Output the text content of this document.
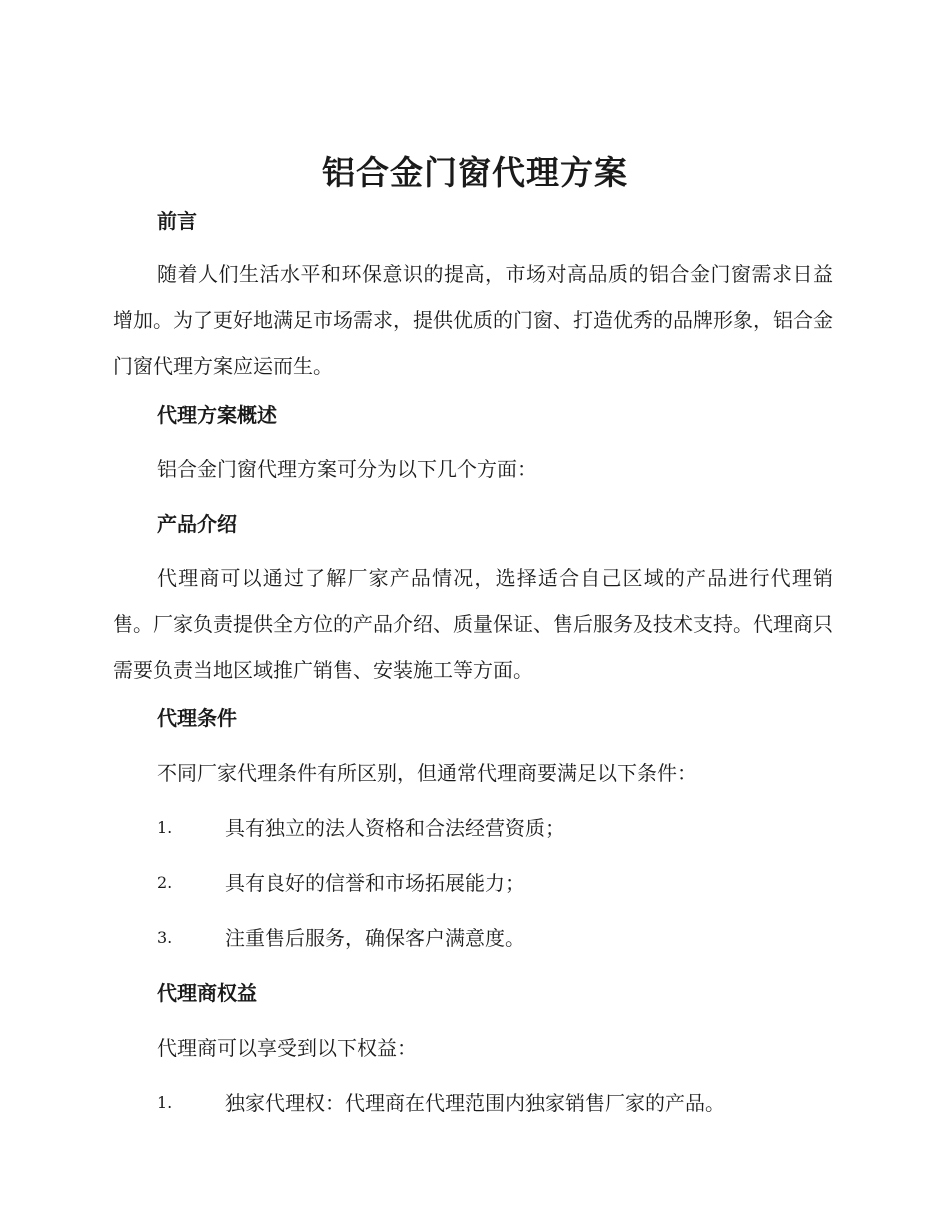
铝合金门窗代理方案
前言

随着人们生活水平和环保意识的提高，市场对高品质的铝合金门窗需求日益增加。为了更好地满足市场需求，提供优质的门窗、打造优秀的品牌形象，铝合金门窗代理方案应运而生。

代理方案概述

铝合金门窗代理方案可分为以下几个方面：

产品介绍

代理商可以通过了解厂家产品情况，选择适合自己区域的产品进行代理销售。厂家负责提供全方位的产品介绍、质量保证、售后服务及技术支持。代理商只需要负责当地区域推广销售、安装施工等方面。

代理条件

不同厂家代理条件有所区别，但通常代理商要满足以下条件：

1.	具有独立的法人资格和合法经营资质；
2.	具有良好的信誉和市场拓展能力；
3.	注重售后服务，确保客户满意度。
代理商权益

代理商可以享受到以下权益：

1.	独家代理权：代理商在代理范围内独家销售厂家的产品。
